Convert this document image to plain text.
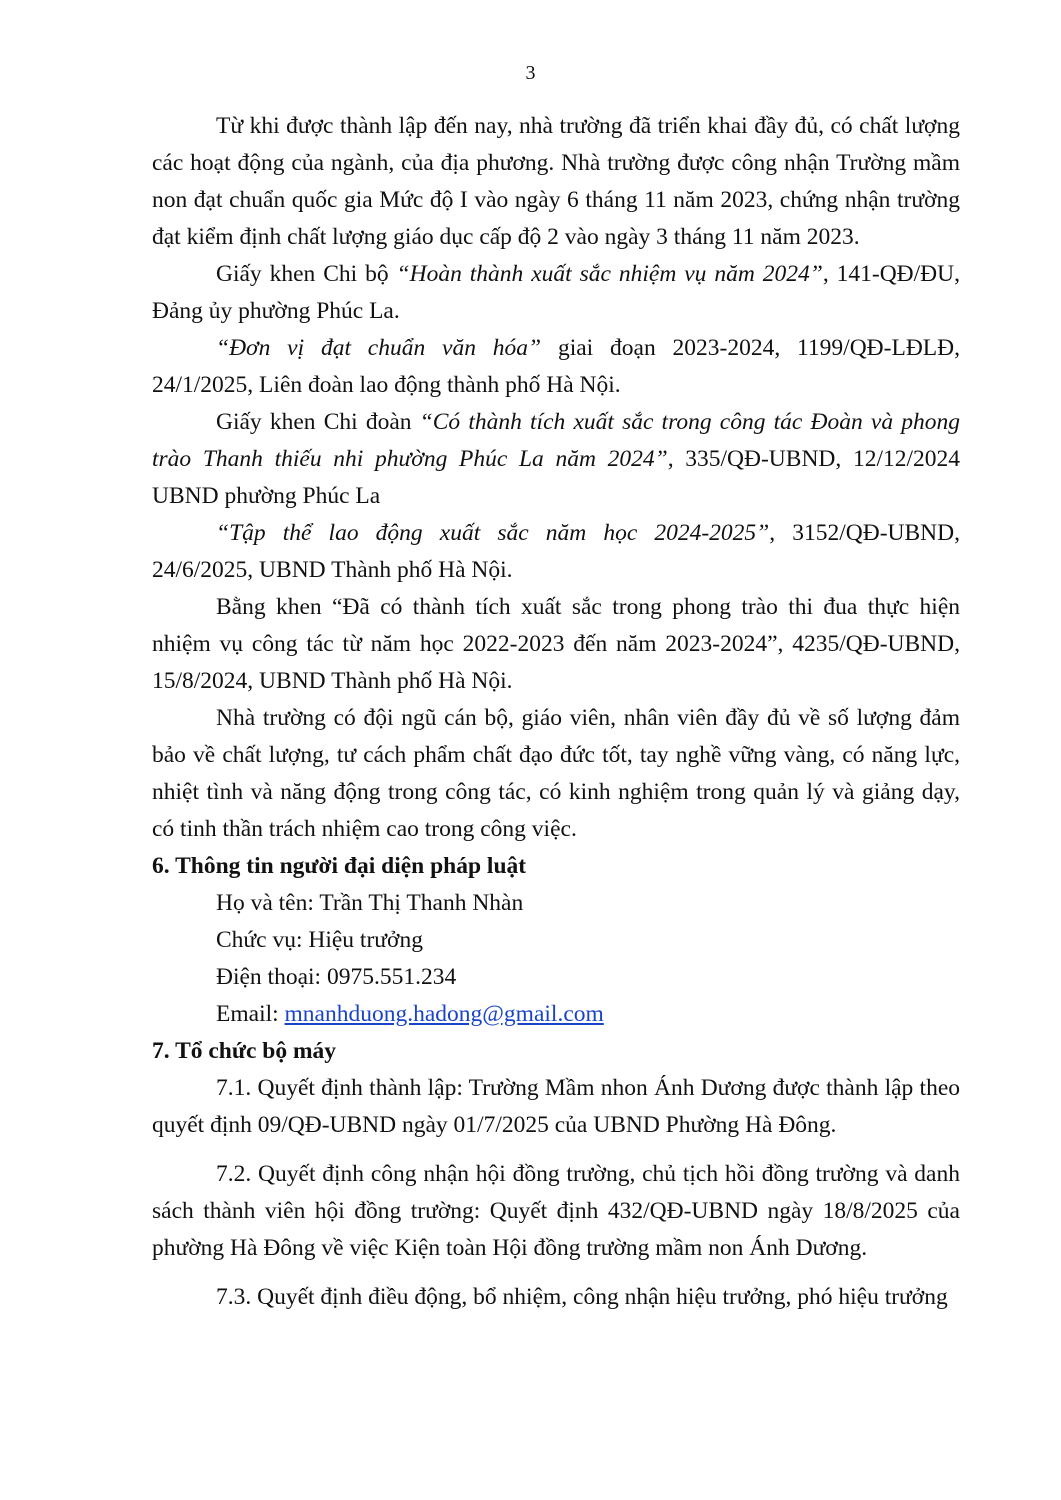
3

Từ khi được thành lập đến nay, nhà trường đã triển khai đầy đủ, có chất lượng các hoạt động của ngành, của địa phương. Nhà trường được công nhận Trường mầm non đạt chuẩn quốc gia Mức độ I vào ngày 6 tháng 11 năm 2023, chứng nhận trường đạt kiểm định chất lượng giáo dục cấp độ 2 vào ngày 3 tháng 11 năm 2023.

Giấy khen Chi bộ “Hoàn thành xuất sắc nhiệm vụ năm 2024”, 141-QĐ/ĐU, Đảng ủy phường Phúc La.

“Đơn vị đạt chuẩn văn hóa” giai đoạn 2023-2024, 1199/QĐ-LĐLĐ, 24/1/2025, Liên đoàn lao động thành phố Hà Nội.

Giấy khen Chi đoàn “Có thành tích xuất sắc trong công tác Đoàn và phong trào Thanh thiếu nhi phường Phúc La năm 2024”, 335/QĐ-UBND, 12/12/2024 UBND phường Phúc La

“Tập thể lao động xuất sắc năm học 2024-2025”, 3152/QĐ-UBND, 24/6/2025, UBND Thành phố Hà Nội.

Bằng khen “Đã có thành tích xuất sắc trong phong trào thi đua thực hiện nhiệm vụ công tác từ năm học 2022-2023 đến năm 2023-2024”, 4235/QĐ-UBND, 15/8/2024, UBND Thành phố Hà Nội.

Nhà trường có đội ngũ cán bộ, giáo viên, nhân viên đầy đủ về số lượng đảm bảo về chất lượng, tư cách phẩm chất đạo đức tốt, tay nghề vững vàng, có năng lực, nhiệt tình và năng động trong công tác, có kinh nghiệm trong quản lý và giảng dạy, có tinh thần trách nhiệm cao trong công việc.

6. Thông tin người đại diện pháp luật

Họ và tên: Trần Thị Thanh Nhàn

Chức vụ: Hiệu trưởng

Điện thoại: 0975.551.234

Email: mnanhduong.hadong@gmail.com

7. Tổ chức bộ máy

7.1. Quyết định thành lập: Trường Mầm nhon Ánh Dương được thành lập theo quyết định 09/QĐ-UBND ngày 01/7/2025 của UBND Phường Hà Đông.

7.2. Quyết định công nhận hội đồng trường, chủ tịch hồi đồng trường và danh sách thành viên hội đồng trường: Quyết định 432/QĐ-UBND ngày 18/8/2025 của phường Hà Đông về việc Kiện toàn Hội đồng trường mầm non Ánh Dương.

7.3. Quyết định điều động, bổ nhiệm, công nhận hiệu trưởng, phó hiệu trưởng
